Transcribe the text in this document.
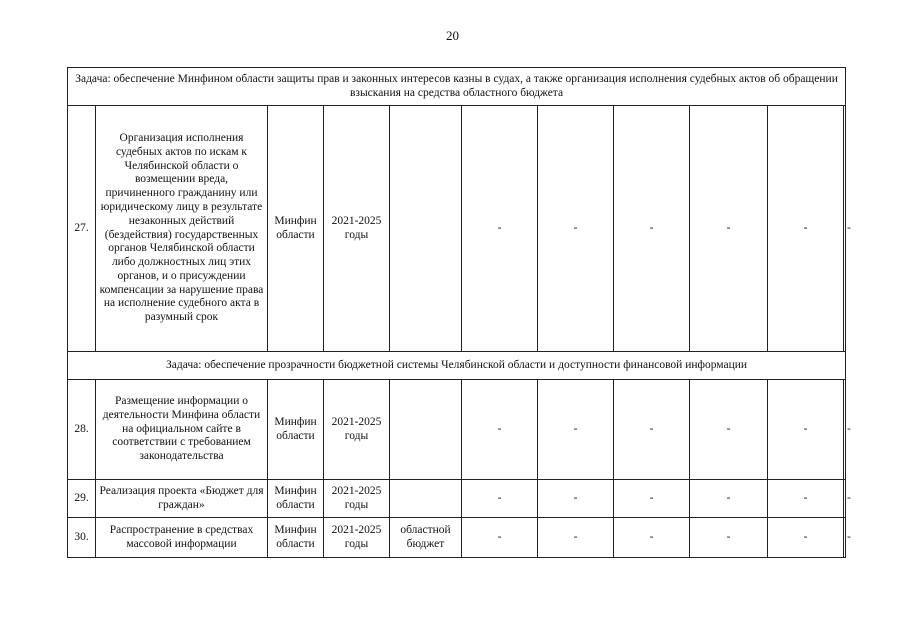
20
Задача: обеспечение Минфином области защиты прав и законных интересов казны в судах, а также организация исполнения судебных актов об обращении взыскания на средства областного бюджета										
27.	Организация исполнения судебных актов по искам к Челябинской области о возмещении вреда, причиненного гражданину или юридическому лицу в результате незаконных действий (бездействия) государственных органов Челябинской области либо должностных лиц этих органов, и о присуждении компенсации за нарушение права на исполнение судебного акта в разумный срок	Минфин области	2021-2025 годы		-	-	-	-	-	-
Задача: обеспечение прозрачности бюджетной системы Челябинской области и доступности финансовой информации										
28.	Размещение информации о деятельности Минфина области на официальном сайте в соответствии с требованием законодательства	Минфин области	2021-2025 годы		-	-	-	-	-	-
29.	Реализация проекта «Бюджет для граждан»	Минфин области	2021-2025 годы		-	-	-	-	-	-
30.	Распространение в средствах массовой информации	Минфин области	2021-2025 годы	областной бюджет	-	-	-	-	-	-
